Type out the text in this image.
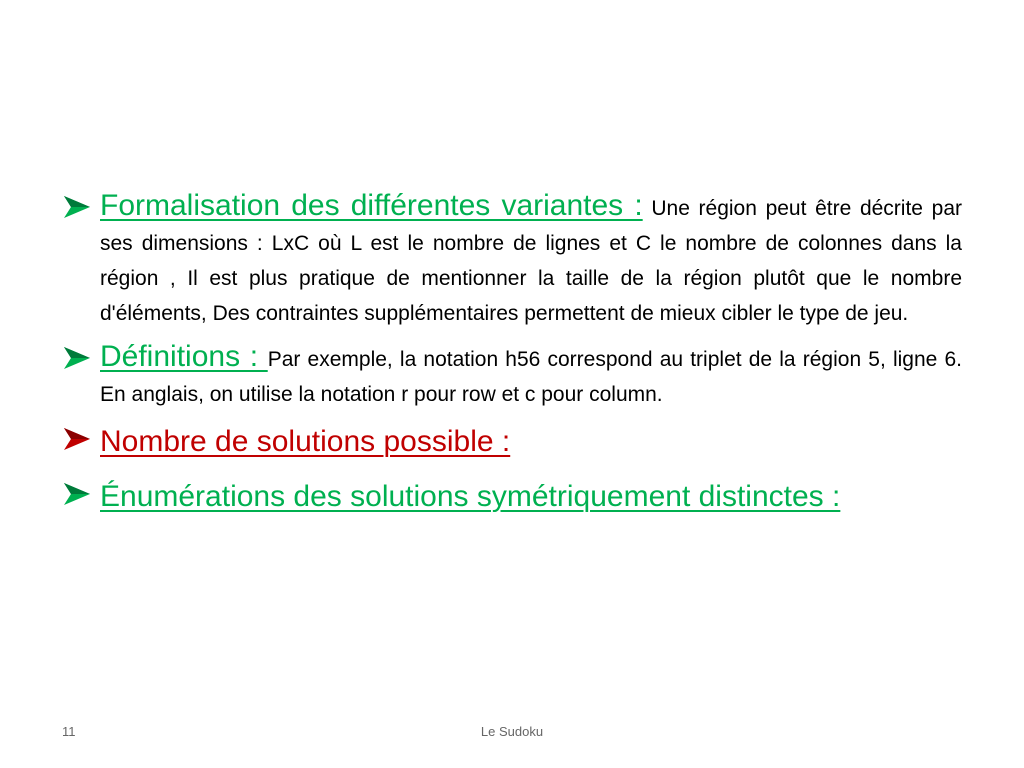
Formalisation des différentes variantes : Une région peut être décrite par ses dimensions : LxC où L est le nombre de lignes et C le nombre de colonnes dans la région , Il est plus pratique de mentionner la taille de la région plutôt que le nombre d'éléments, Des contraintes supplémentaires permettent de mieux cibler le type de jeu.
Définitions : Par exemple, la notation h56 correspond au triplet de la région 5, ligne 6. En anglais, on utilise la notation r pour row et c pour column.
Nombre de solutions possible :
Énumérations des solutions symétriquement distinctes :
11	Le Sudoku
